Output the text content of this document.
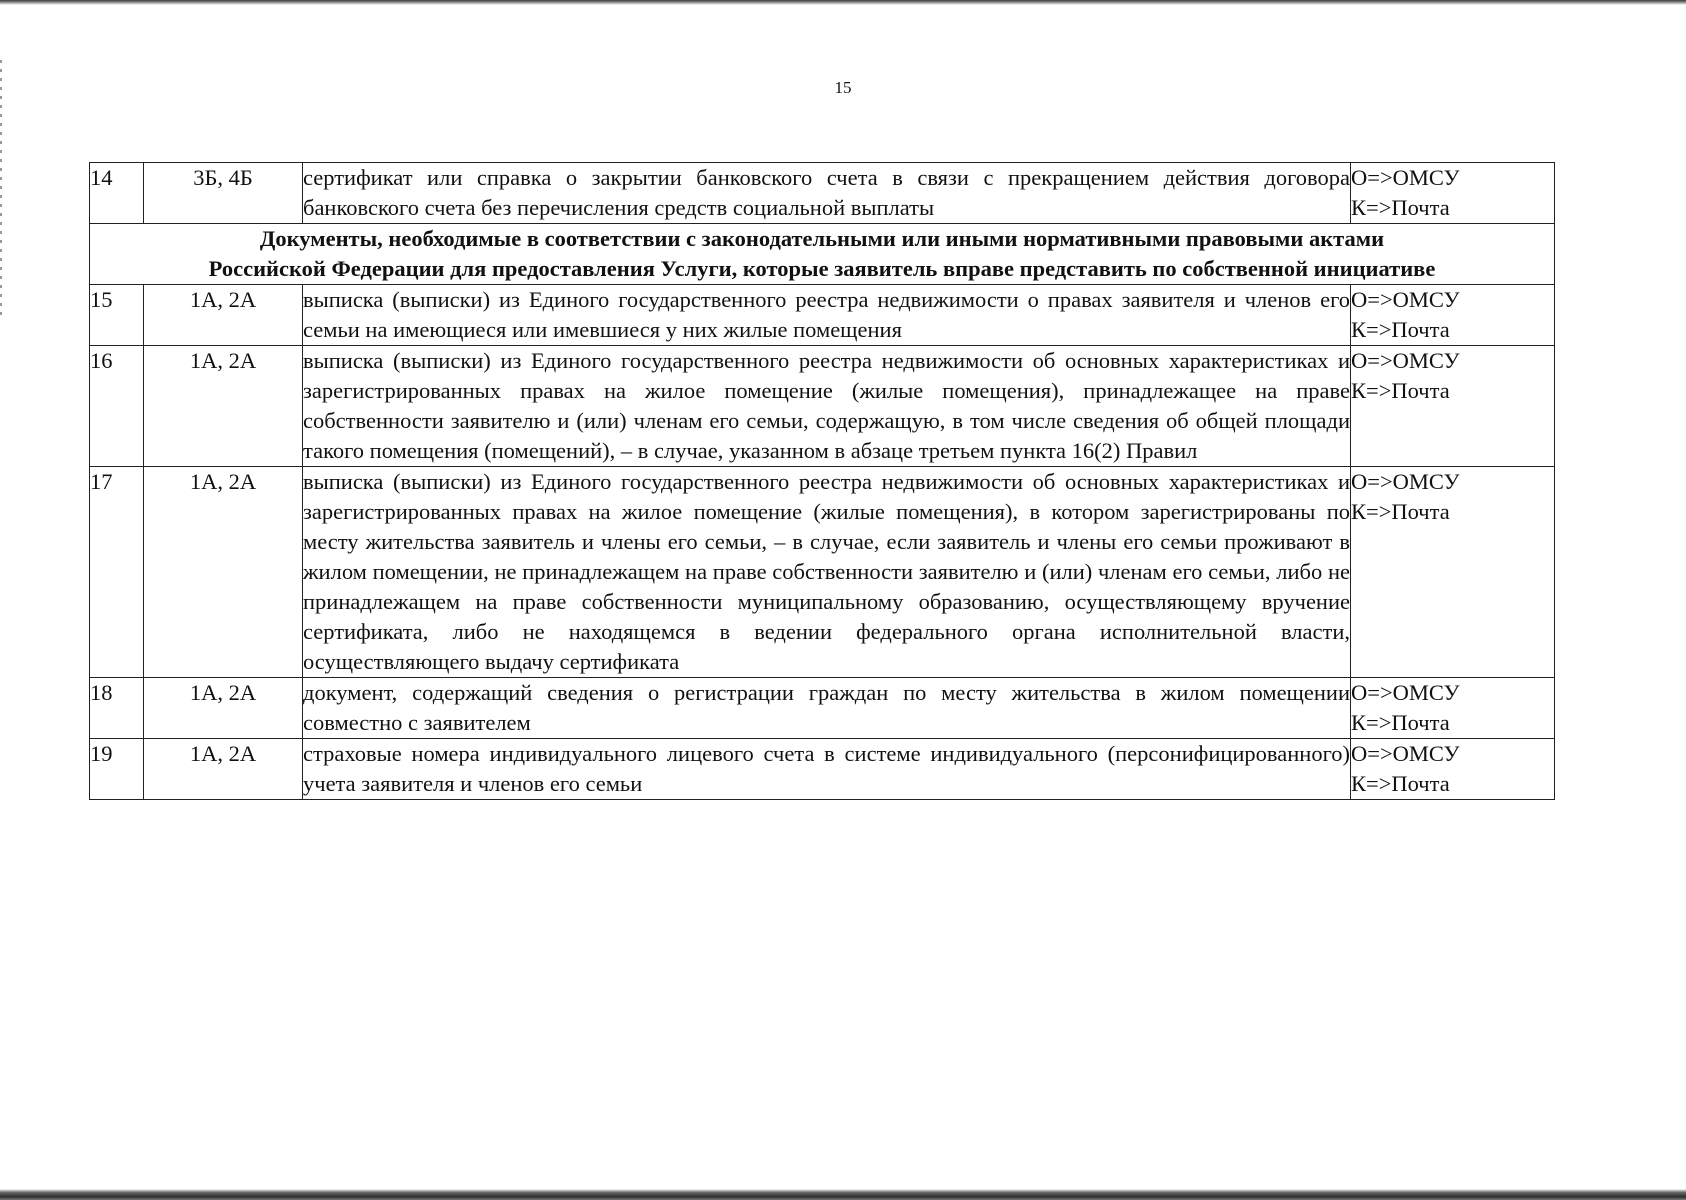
15
14	3Б, 4Б	сертификат или справка о закрытии банковского счета в связи с прекращением действия договора банковского счета без перечисления средств социальной выплаты	О=>ОМСУ
К=>Почта

Документы, необходимые в соответствии с законодательными или иными нормативными правовыми актами
Российской Федерации для предоставления Услуги, которые заявитель вправе представить по собственной инициативе			

15	1А, 2А	выписка (выписки) из Единого государственного реестра недвижимости о правах заявителя и членов его семьи на имеющиеся или имевшиеся у них жилые помещения	О=>ОМСУ
К=>Почта

16	1А, 2А	выписка (выписки) из Единого государственного реестра недвижимости об основных характеристиках и зарегистрированных правах на жилое помещение (жилые помещения), принадлежащее на праве собственности заявителю и (или) членам его семьи, содержащую, в том числе сведения об общей площади такого помещения (помещений), – в случае, указанном в абзаце третьем пункта 16(2) Правил	О=>ОМСУ
К=>Почта

17	1А, 2А	выписка (выписки) из Единого государственного реестра недвижимости об основных характеристиках и зарегистрированных правах на жилое помещение (жилые помещения), в котором зарегистрированы по месту жительства заявитель и члены его семьи, – в случае, если заявитель и члены его семьи проживают в жилом помещении, не принадлежащем на праве собственности заявителю и (или) членам его семьи, либо не принадлежащем на праве собственности муниципальному образованию, осуществляющему вручение сертификата, либо не находящемся в ведении федерального органа исполнительной власти, осуществляющего выдачу сертификата	О=>ОМСУ
К=>Почта

18	1А, 2А	документ, содержащий сведения о регистрации граждан по месту жительства в жилом помещении совместно с заявителем	О=>ОМСУ
К=>Почта

19	1А, 2А	страховые номера индивидуального лицевого счета в системе индивидуального (персонифицированного) учета заявителя и членов его семьи	О=>ОМСУ
К=>Почта
